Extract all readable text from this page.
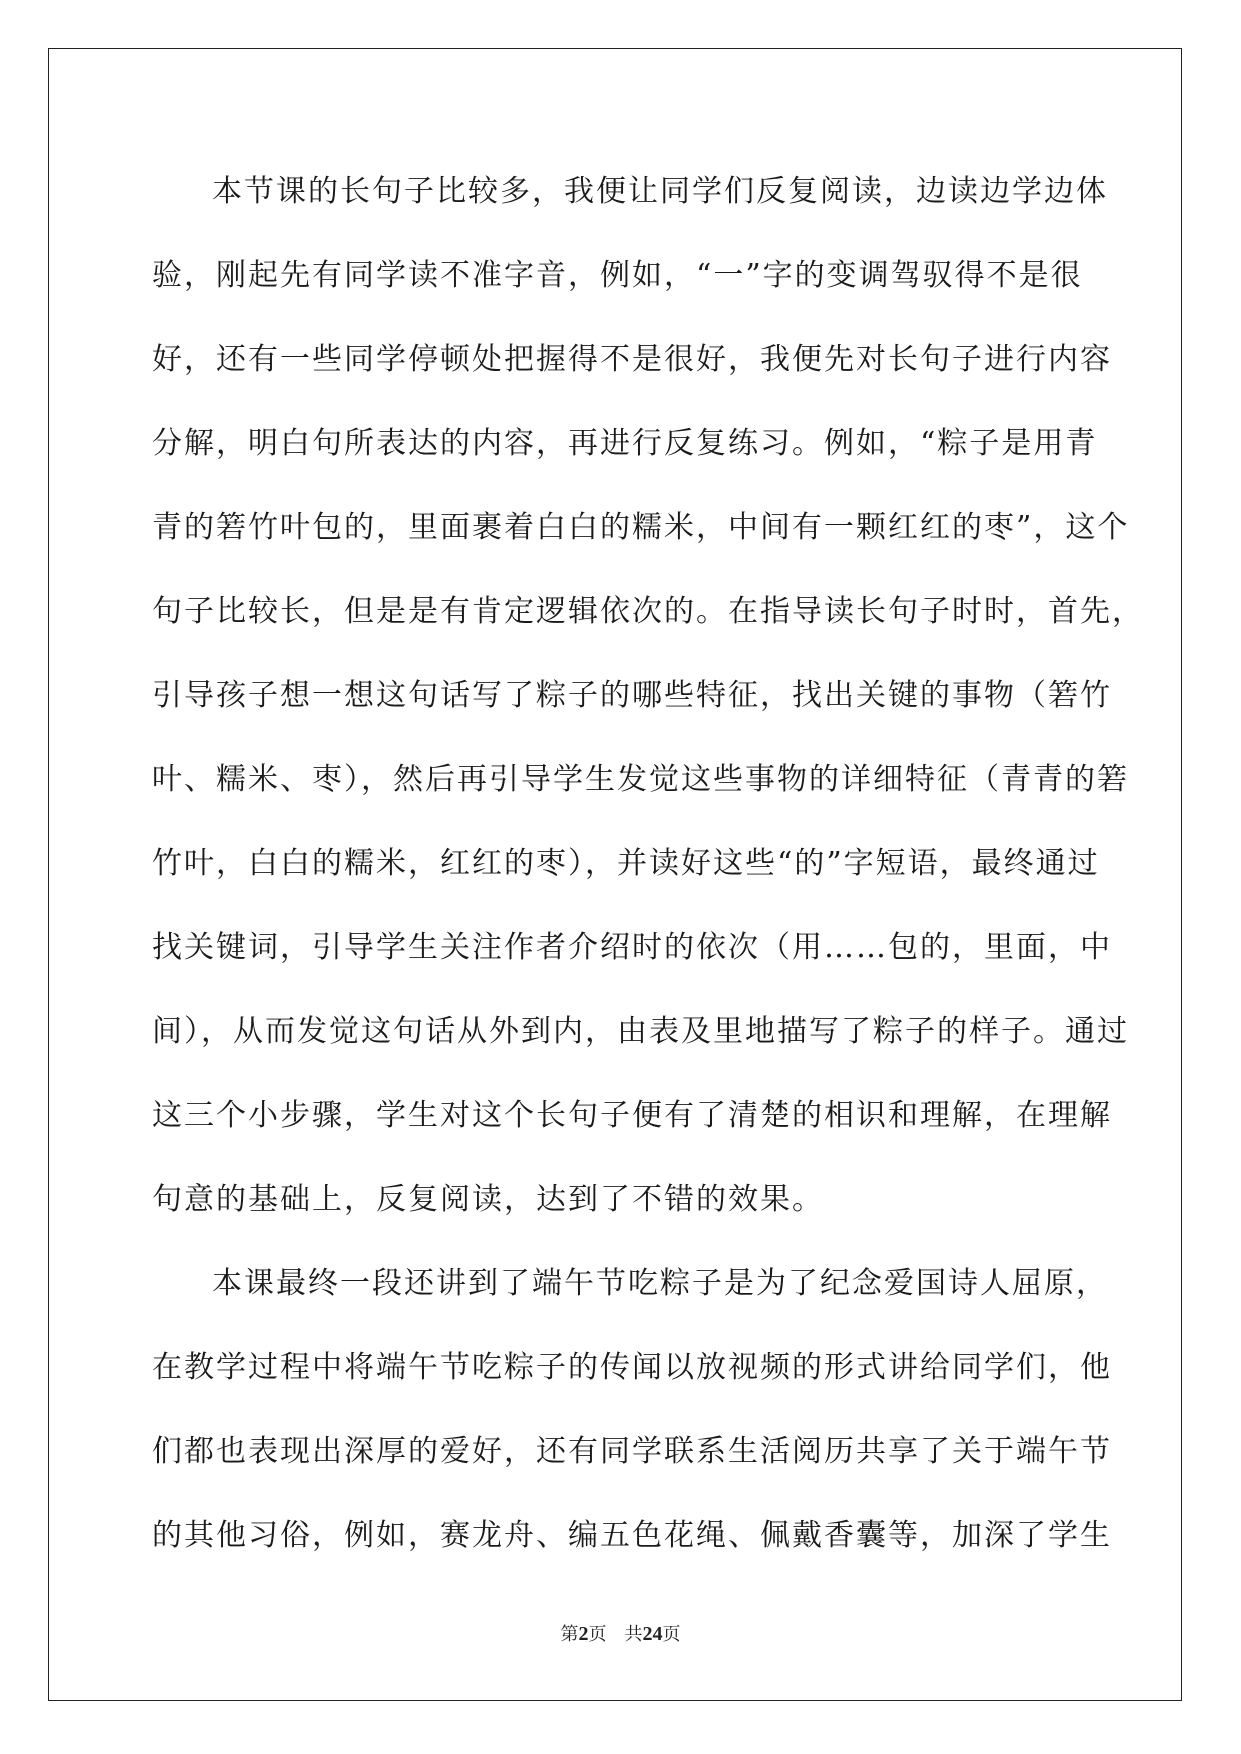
本节课的长句子比较多，我便让同学们反复阅读，边读边学边体
验，刚起先有同学读不准字音，例如，“一”字的变调驾驭得不是很
好，还有一些同学停顿处把握得不是很好，我便先对长句子进行内容
分解，明白句所表达的内容，再进行反复练习。例如，“粽子是用青
青的箬竹叶包的，里面裹着白白的糯米，中间有一颗红红的枣”，这个
句子比较长，但是是有肯定逻辑依次的。在指导读长句子时时，首先，
引导孩子想一想这句话写了粽子的哪些特征，找出关键的事物（箬竹
叶、糯米、枣），然后再引导学生发觉这些事物的详细特征（青青的箬
竹叶，白白的糯米，红红的枣），并读好这些“的”字短语，最终通过
找关键词，引导学生关注作者介绍时的依次（用……包的，里面，中
间），从而发觉这句话从外到内，由表及里地描写了粽子的样子。通过
这三个小步骤，学生对这个长句子便有了清楚的相识和理解，在理解
句意的基础上，反复阅读，达到了不错的效果。
本课最终一段还讲到了端午节吃粽子是为了纪念爱国诗人屈原，
在教学过程中将端午节吃粽子的传闻以放视频的形式讲给同学们，他
们都也表现出深厚的爱好，还有同学联系生活阅历共享了关于端午节
的其他习俗，例如，赛龙舟、编五色花绳、佩戴香囊等，加深了学生
第2页 共24页
